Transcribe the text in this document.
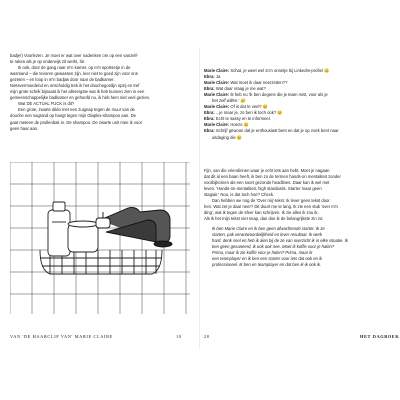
badje!) Voorlezen. Je moet er wat over nadenken om op een vanzelf-
te raken als je op onderwijs zit werkt, hè.
Ik ook, door de gang naar m'n kamer, op m'n sportsetje in de
wasmand – die tevoren gewassen zijn, leer niet te goed zijn voor ons
gezeten – en loop in m'n badjas door naar de badkamer.
Nietsvermoedend en onschuldig trek ik het douchegordijn opzij en tref
mijn grote schrik bijnaast ik het allerergste wat ik heb kunnen zien in een
gemeenschappelijke badkamer en gehoofd nu, ik heb hem niet veel gezien.
Wat DE ACTUAL FUCK is dit?
Een grote, zwarte dildo met een zuignap tegen de muur van de
douche een sagrand op hangt tegen mijn Olaplex-shampoo aan. De
gaat meteen de prullenbak in. De shampoo. De zwarte unit mee ik voor
geen haar aan.
VAN 'DE HAARCLIP VAN' MARIE CLAIRE	10
Marie Claire: Schat, je weet wel zo'n onnetje bij LinkedIn-profiel 😊
Ebra: Ja
Marie Claire: Wat moet ik daar neerzetten??
Ebra: Wat daar vraag je me wat?
Marie Claire: Ik heb nu 'ik ben degene die je team mist, voor als je
het zelf willen.' 😊
Marie Claire: Of is dat te veel? 😊
Ebra: ...je maar je, zo ben ik toch ook? 😊
Ebra: Echt te sassy en te informeel.
Marie Claire: Hoezo 😊
Ebra: Schrijf gewoon dat je enthousiast bent en dat je op zoek bent naar
uitdaging die 😊
Fijn, van die vriendinnen waar je echt iets aan hebt. Moet je nagaan
dat dit al een baan heeft, ik ben zo de termen hands-on mentaliteit zonder
voorbijkomen als een soort gezonde headlines. Daar kan ik wel met
leven. 'Hands-on-mentaliteit, high standards. Starter maar geen
stagiair.' Nou, is dat toch hoe? Check.
Dan hebben we nog de 'Over mij'-tekst. Ik lever geen tekst door
hen. Wat zet je daar neer? Dit duurt me te lang. Ik zie een stuk 'over m'n
ding', wat ik tegen de sfeer kan schrijven. Ik zie alles ik zou ik.
Als ik het mijn tekst niet snap, dan doe ik de belangrijkste zin zo:
Ik ben Marie Claire en ik ben geen afwachtende starter. Ik ze
starten, pak verantwoordelijkheid en lever resultaat. Ik werk
hard, denk snel en heb ik alen bij de ze van overzicht ik in elke situatie. Ik
ben geen gesaneerd, ik ook ook nee. Moet ik koffie voor je halen?
Prima, maar ik zie koffie voor je halen? Prima, maar ik
een teamplayer en ik ben een starter voor iets dat ook en ik
professioneel. Ik ben en teamplayer en dat ben ik-ik ook ik.
28	HET DAGBOEK
